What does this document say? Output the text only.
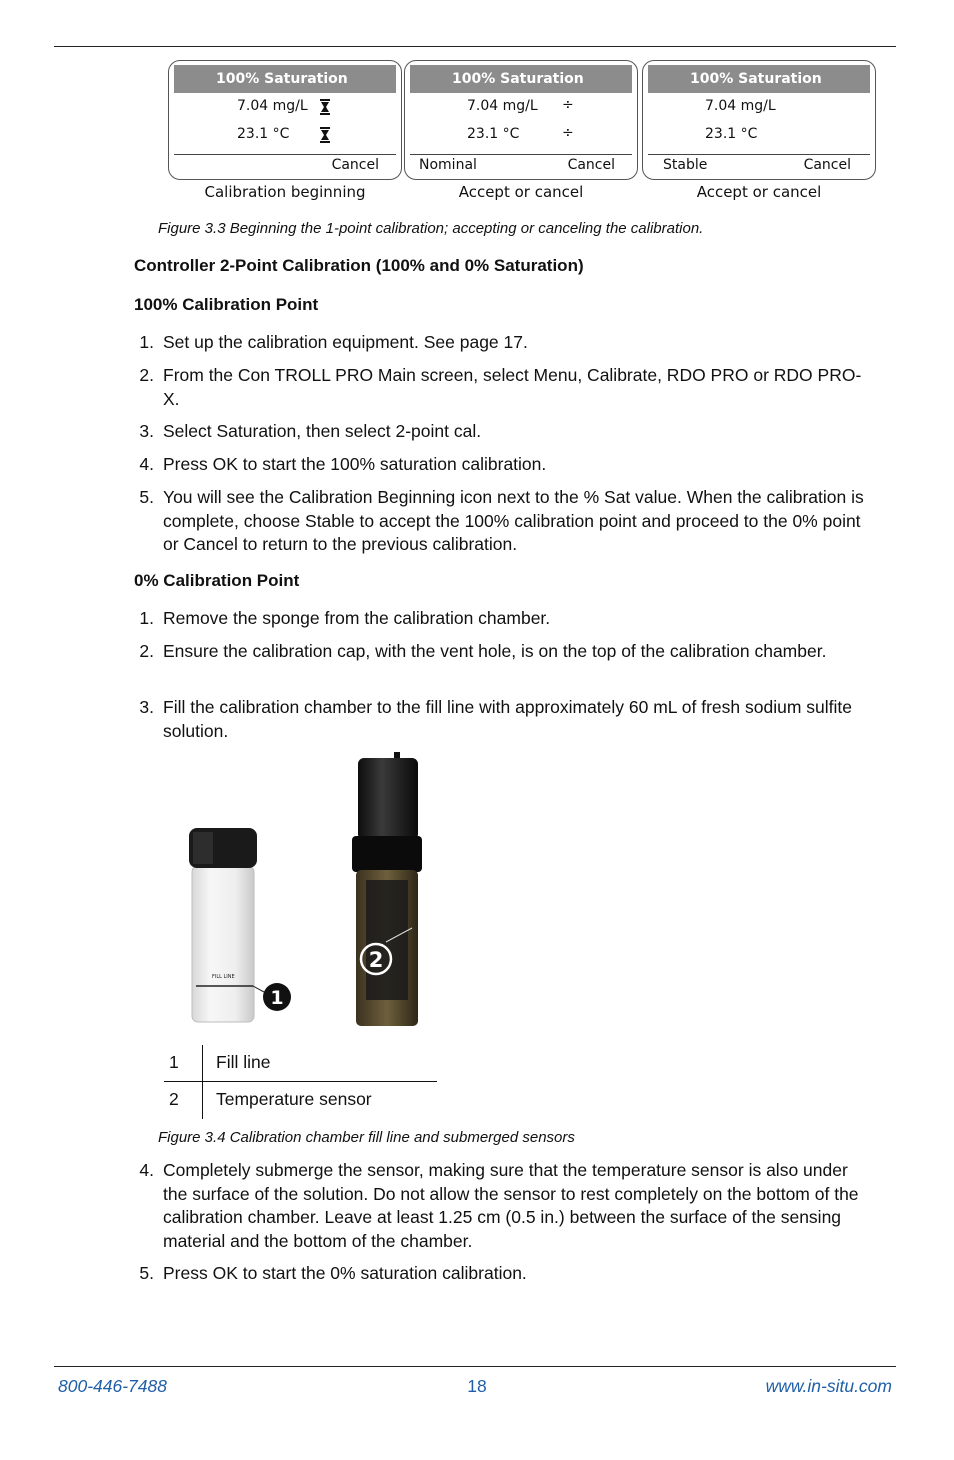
100% Saturation
7.04 mg/L
23.1 °C
Cancel
Calibration beginning
100% Saturation
7.04 mg/L ÷
23.1 °C	÷
Nominal	Cancel
Accept or cancel
100% Saturation
7.04 mg/L
23.1 °C
Stable	Cancel
Accept or cancel
Figure 3.3 Beginning the 1-point calibration; accepting or canceling the calibration.
Controller 2-Point Calibration (100% and 0% Saturation)
100% Calibration Point
1. Set up the calibration equipment. See page 17.
2. From the Con TROLL PRO Main screen, select Menu, Calibrate, RDO PRO or RDO PRO-X.
3. Select Saturation, then select 2-point cal.
4. Press OK to start the 100% saturation calibration.
5. You will see the Calibration Beginning icon next to the % Sat value. When the calibration is complete, choose Stable to accept the 100% calibration point and proceed to the 0% point or Cancel to return to the previous calibration.
0% Calibration Point
1. Remove the sponge from the calibration chamber.
2. Ensure the calibration cap, with the vent hole, is on the top of the calibration chamber.
3. Fill the calibration chamber to the fill line with approximately 60 mL of fresh sodium sulfite solution.
FILL LINE
1
2
1 Fill line
2 Temperature sensor
Figure 3.4 Calibration chamber fill line and submerged sensors
4. Completely submerge the sensor, making sure that the temperature sensor is also under the surface of the solution. Do not allow the sensor to rest completely on the bottom of the calibration chamber. Leave at least 1.25 cm (0.5 in.) between the surface of the sensing material and the bottom of the chamber.
5. Press OK to start the 0% saturation calibration.
800-446-7488	18	www.in-situ.com
